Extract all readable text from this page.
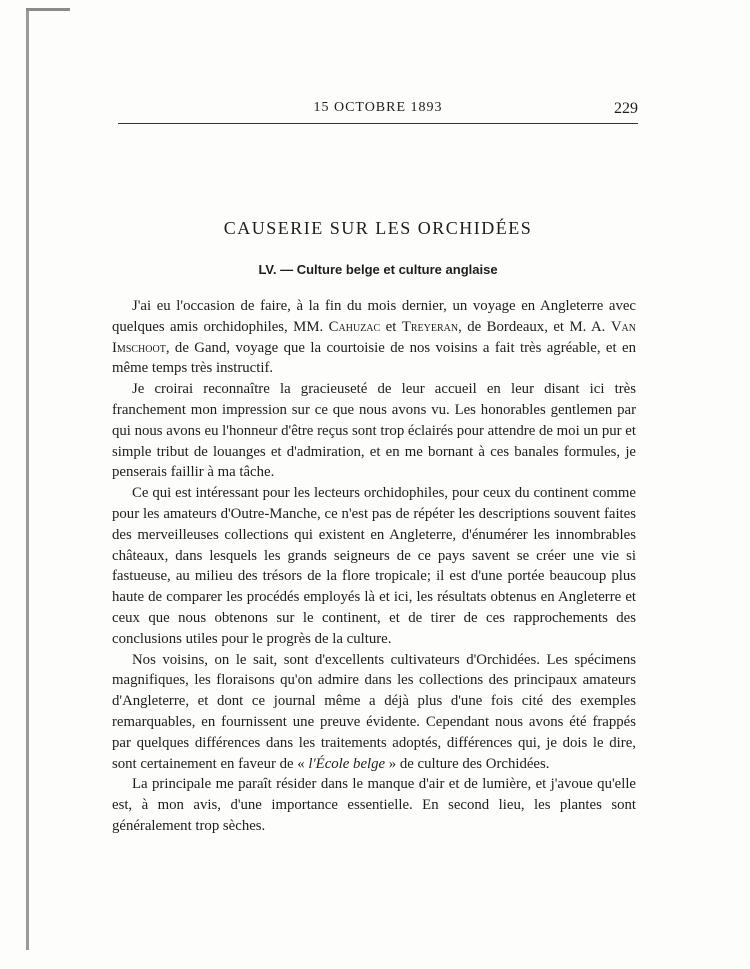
15 OCTOBRE 1893	229
CAUSERIE SUR LES ORCHIDÉES
LV. — Culture belge et culture anglaise

J'ai eu l'occasion de faire, à la fin du mois dernier, un voyage en Angleterre avec quelques amis orchidophiles, MM. Cahuzac et Treyeran, de Bordeaux, et M. A. Van Imschoot, de Gand, voyage que la courtoisie de nos voisins a fait très agréable, et en même temps très instructif.

Je croirai reconnaître la gracieuseté de leur accueil en leur disant ici très franchement mon impression sur ce que nous avons vu. Les honorables gentlemen par qui nous avons eu l'honneur d'être reçus sont trop éclairés pour attendre de moi un pur et simple tribut de louanges et d'admiration, et en me bornant à ces banales formules, je penserais faillir à ma tâche.

Ce qui est intéressant pour les lecteurs orchidophiles, pour ceux du continent comme pour les amateurs d'Outre-Manche, ce n'est pas de répéter les descriptions souvent faites des merveilleuses collections qui existent en Angleterre, d'énumérer les innombrables châteaux, dans lesquels les grands seigneurs de ce pays savent se créer une vie si fastueuse, au milieu des trésors de la flore tropicale; il est d'une portée beaucoup plus haute de comparer les procédés employés là et ici, les résultats obtenus en Angleterre et ceux que nous obtenons sur le continent, et de tirer de ces rapprochements des conclusions utiles pour le progrès de la culture.

Nos voisins, on le sait, sont d'excellents cultivateurs d'Orchidées. Les spécimens magnifiques, les floraisons qu'on admire dans les collections des principaux amateurs d'Angleterre, et dont ce journal même a déjà plus d'une fois cité des exemples remarquables, en fournissent une preuve évidente. Cependant nous avons été frappés par quelques différences dans les traitements adoptés, différences qui, je dois le dire, sont certainement en faveur de « l'École belge » de culture des Orchidées.

La principale me paraît résider dans le manque d'air et de lumière, et j'avoue qu'elle est, à mon avis, d'une importance essentielle. En second lieu, les plantes sont généralement trop sèches.
